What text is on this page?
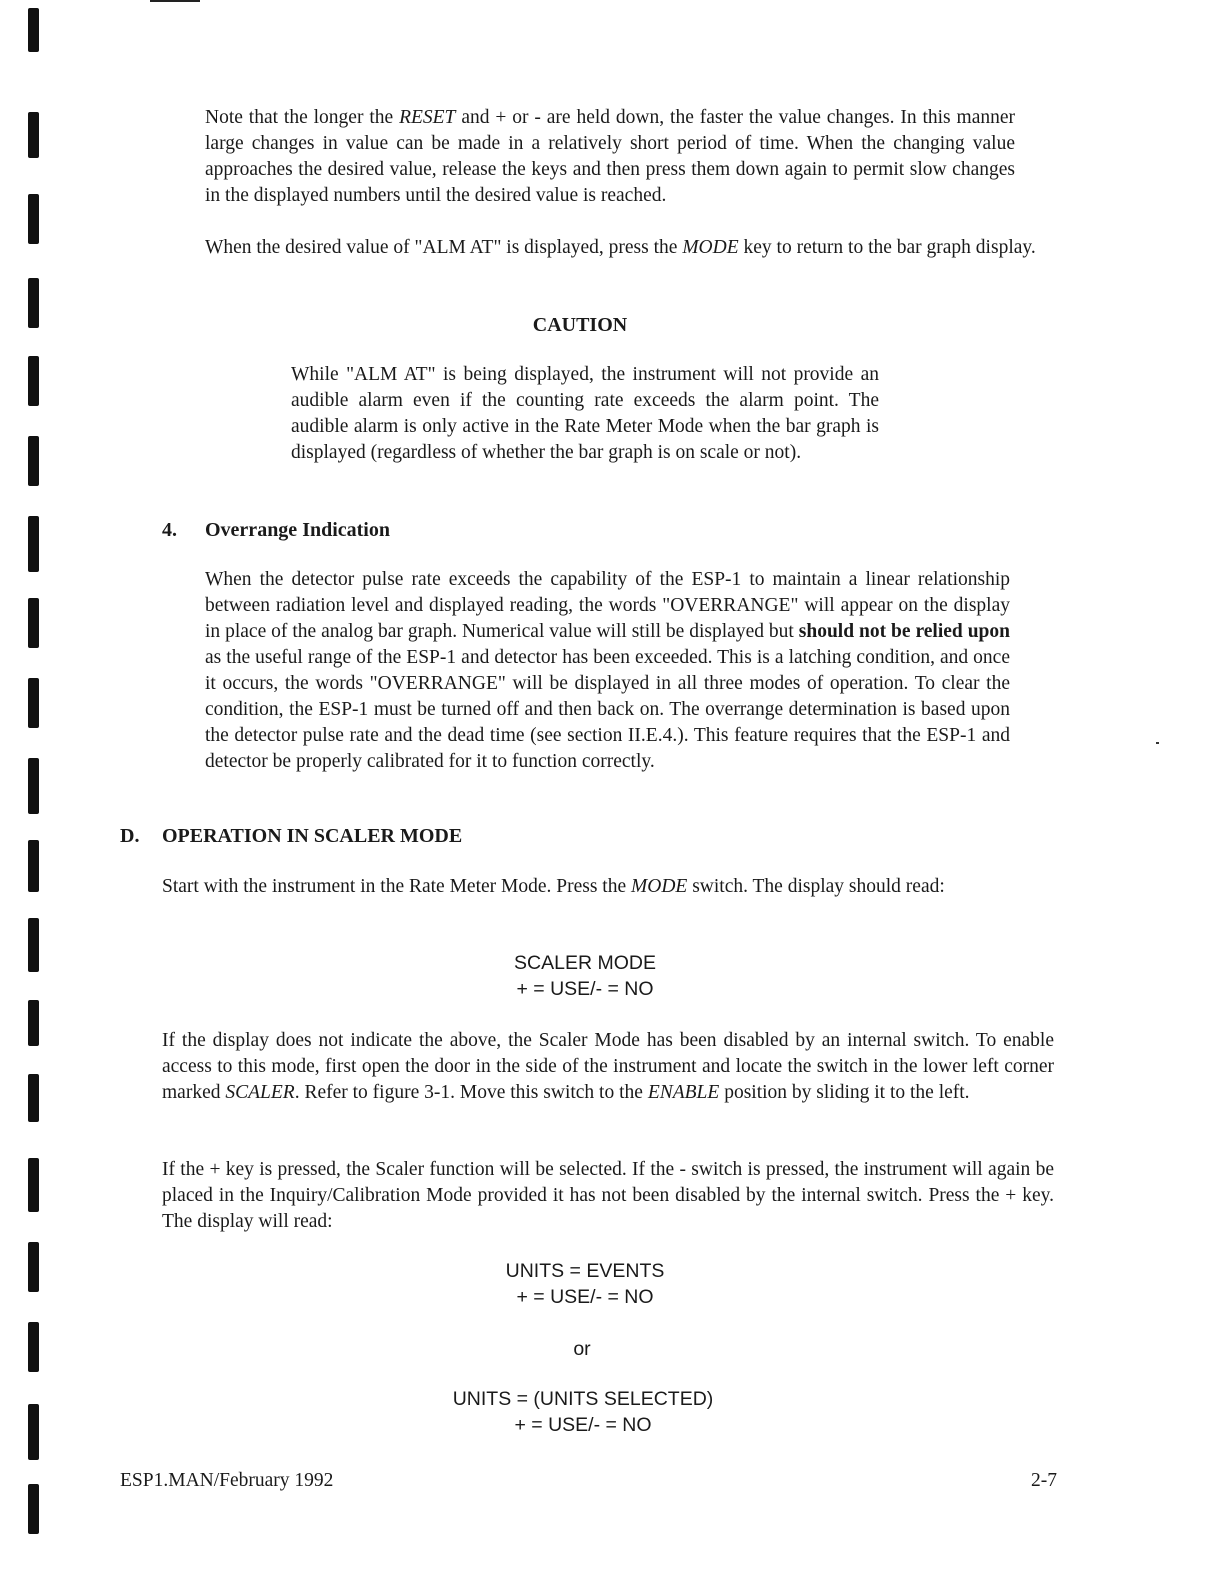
Note that the longer the RESET and + or - are held down, the faster the value changes. In this manner large changes in value can be made in a relatively short period of time. When the changing value approaches the desired value, release the keys and then press them down again to permit slow changes in the displayed numbers until the desired value is reached.

When the desired value of "ALM AT" is displayed, press the MODE key to return to the bar graph display.

CAUTION
While "ALM AT" is being displayed, the instrument will not provide an audible alarm even if the counting rate exceeds the alarm point. The audible alarm is only active in the Rate Meter Mode when the bar graph is displayed (regardless of whether the bar graph is on scale or not).
4. Overrange Indication

When the detector pulse rate exceeds the capability of the ESP-1 to maintain a linear relationship between radiation level and displayed reading, the words "OVERRANGE" will appear on the display in place of the analog bar graph. Numerical value will still be displayed but should not be relied upon as the useful range of the ESP-1 and detector has been exceeded. This is a latching condition, and once it occurs, the words "OVERRANGE" will be displayed in all three modes of operation. To clear the condition, the ESP-1 must be turned off and then back on. The overrange determination is based upon the detector pulse rate and the dead time (see section II.E.4.). This feature requires that the ESP-1 and detector be properly calibrated for it to function correctly.

D. OPERATION IN SCALER MODE

Start with the instrument in the Rate Meter Mode. Press the MODE switch. The display should read:

SCALER MODE
+ = USE/- = NO

If the display does not indicate the above, the Scaler Mode has been disabled by an internal switch. To enable access to this mode, first open the door in the side of the instrument and locate the switch in the lower left corner marked SCALER. Refer to figure 3-1. Move this switch to the ENABLE position by sliding it to the left.

If the + key is pressed, the Scaler function will be selected. If the - switch is pressed, the instrument will again be placed in the Inquiry/Calibration Mode provided it has not been disabled by the internal switch. Press the + key. The display will read:
UNITS = EVENTS
+ = USE/- = NO
or
UNITS = (UNITS SELECTED)
+ = USE/- = NO
ESP1.MAN/February 1992	2-7
